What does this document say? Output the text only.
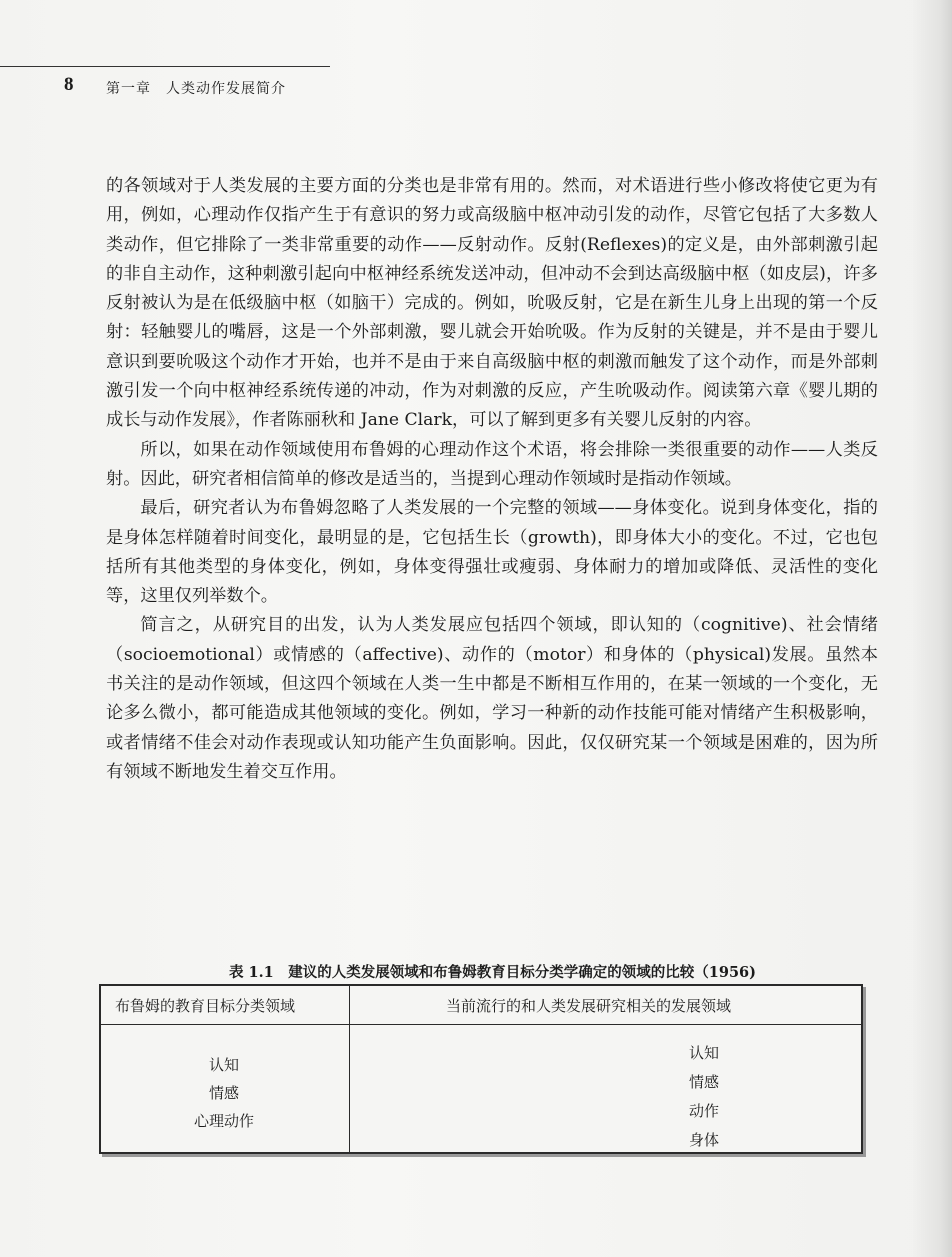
8 第一章　人类动作发展简介

的各领域对于人类发展的主要方面的分类也是非常有用的。然而，对术语进行些小修改将使它更为有用，例如，心理动作仅指产生于有意识的努力或高级脑中枢冲动引发的动作，尽管它包括了大多数人类动作，但它排除了一类非常重要的动作——反射动作。反射(Reflexes)的定义是，由外部刺激引起的非自主动作，这种刺激引起向中枢神经系统发送冲动，但冲动不会到达高级脑中枢（如皮层)，许多反射被认为是在低级脑中枢（如脑干）完成的。例如，吮吸反射，它是在新生儿身上出现的第一个反射：轻触婴儿的嘴唇，这是一个外部刺激，婴儿就会开始吮吸。作为反射的关键是，并不是由于婴儿意识到要吮吸这个动作才开始，也并不是由于来自高级脑中枢的刺激而触发了这个动作，而是外部刺激引发一个向中枢神经系统传递的冲动，作为对刺激的反应，产生吮吸动作。阅读第六章《婴儿期的成长与动作发展》，作者陈丽秋和 Jane Clark，可以了解到更多有关婴儿反射的内容。

所以，如果在动作领域使用布鲁姆的心理动作这个术语，将会排除一类很重要的动作——人类反射。因此，研究者相信简单的修改是适当的，当提到心理动作领域时是指动作领域。

最后，研究者认为布鲁姆忽略了人类发展的一个完整的领域——身体变化。说到身体变化，指的是身体怎样随着时间变化，最明显的是，它包括生长（growth)，即身体大小的变化。不过，它也包括所有其他类型的身体变化，例如，身体变得强壮或瘦弱、身体耐力的增加或降低、灵活性的变化等，这里仅列举数个。

简言之，从研究目的出发，认为人类发展应包括四个领域，即认知的（cognitive)、社会情绪（socioemotional）或情感的（affective)、动作的（motor）和身体的（physical)发展。虽然本书关注的是动作领域，但这四个领域在人类一生中都是不断相互作用的，在某一领域的一个变化，无论多么微小，都可能造成其他领域的变化。例如，学习一种新的动作技能可能对情绪产生积极影响，或者情绪不佳会对动作表现或认知功能产生负面影响。因此，仅仅研究某一个领域是困难的，因为所有领域不断地发生着交互作用。

表 1.1　建议的人类发展领域和布鲁姆教育目标分类学确定的领域的比较（1956)
布鲁姆的教育目标分类领域	当前流行的和人类发展研究相关的发展领域
认知
情感
心理动作
认知
情感
动作
身体
